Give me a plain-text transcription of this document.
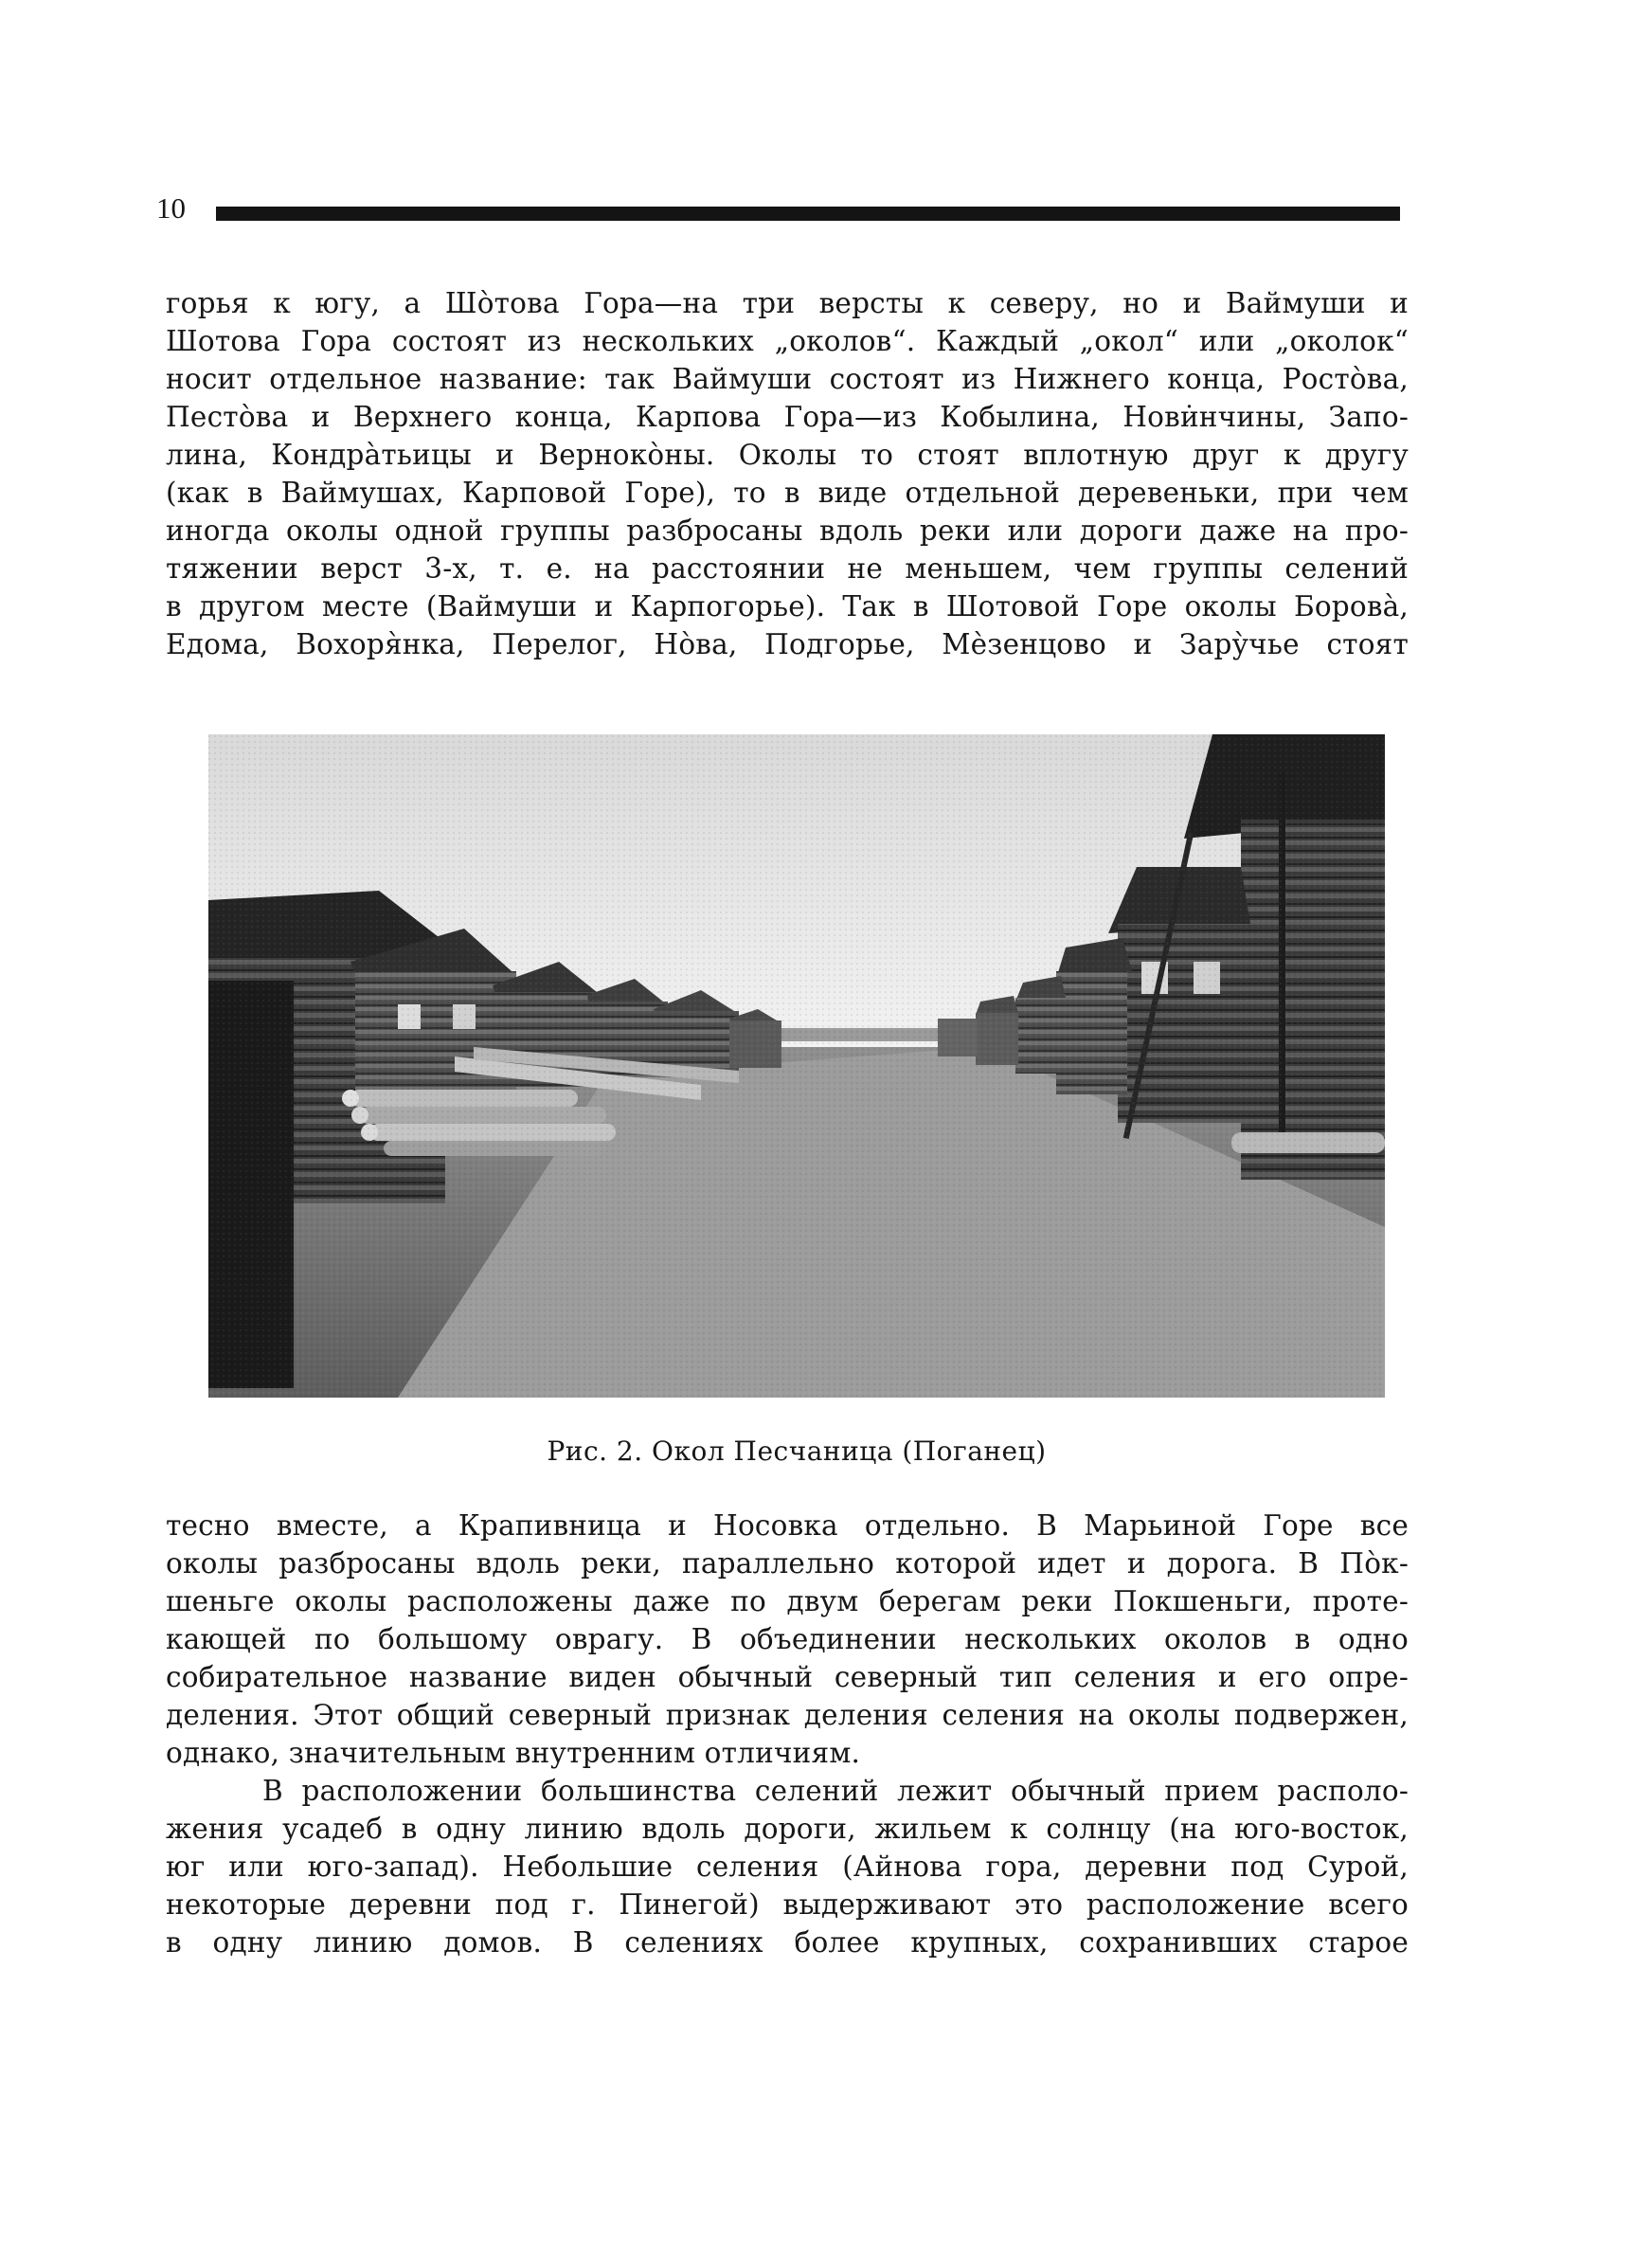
10
горья к югу, а Шо̀това Гора—на три версты к северу, но и Ваймуши и
Шотова Гора состоят из нескольких „околов“. Каждый „окол“ или „околок“
носит отдельное название: так Ваймуши состоят из Нижнего конца, Росто̀ва,
Песто̀ва и Верхнего конца, Карпова Гора—из Кобылина, Нови̇нчины, Запо-
лина, Кондра̀тьицы и Верноко̀ны. Околы то стоят вплотную друг к другу
(как в Ваймушах, Карповой Горе), то в виде отдельной деревеньки, при чем
иногда околы одной группы разбросаны вдоль реки или дороги даже на про-
тяжении верст 3-х, т. е. на расстоянии не меньшем, чем группы селений
в другом месте (Ваймуши и Карпогорье). Так в Шотовой Горе околы Борова̀,
Едома, Вохоря̀нка, Перелог, Но̀ва, Подгорье, Мѐзенцово и Зару̀чье стоят
Рис. 2. Окол Песчаница (Поганец)
тесно вместе, а Крапивница и Носовка отдельно. В Марьиной Горе все
околы разбросаны вдоль реки, параллельно которой идет и дорога. В По̀к-
шеньге околы расположены даже по двум берегам реки Покшеньги, проте-
кающей по большому оврагу. В объединении нескольких околов в одно
собирательное название виден обычный северный тип селения и его опре-
деления. Этот общий северный признак деления селения на околы подвержен,
однако, значительным внутренним отличиям.
В расположении большинства селений лежит обычный прием располо-
жения усадеб в одну линию вдоль дороги, жильем к солнцу (на юго-восток,
юг или юго-запад). Небольшие селения (Айнова гора, деревни под Сурой,
некоторые деревни под г. Пинегой) выдерживают это расположение всего
в одну линию домов. В селениях более крупных, сохранивших старое
